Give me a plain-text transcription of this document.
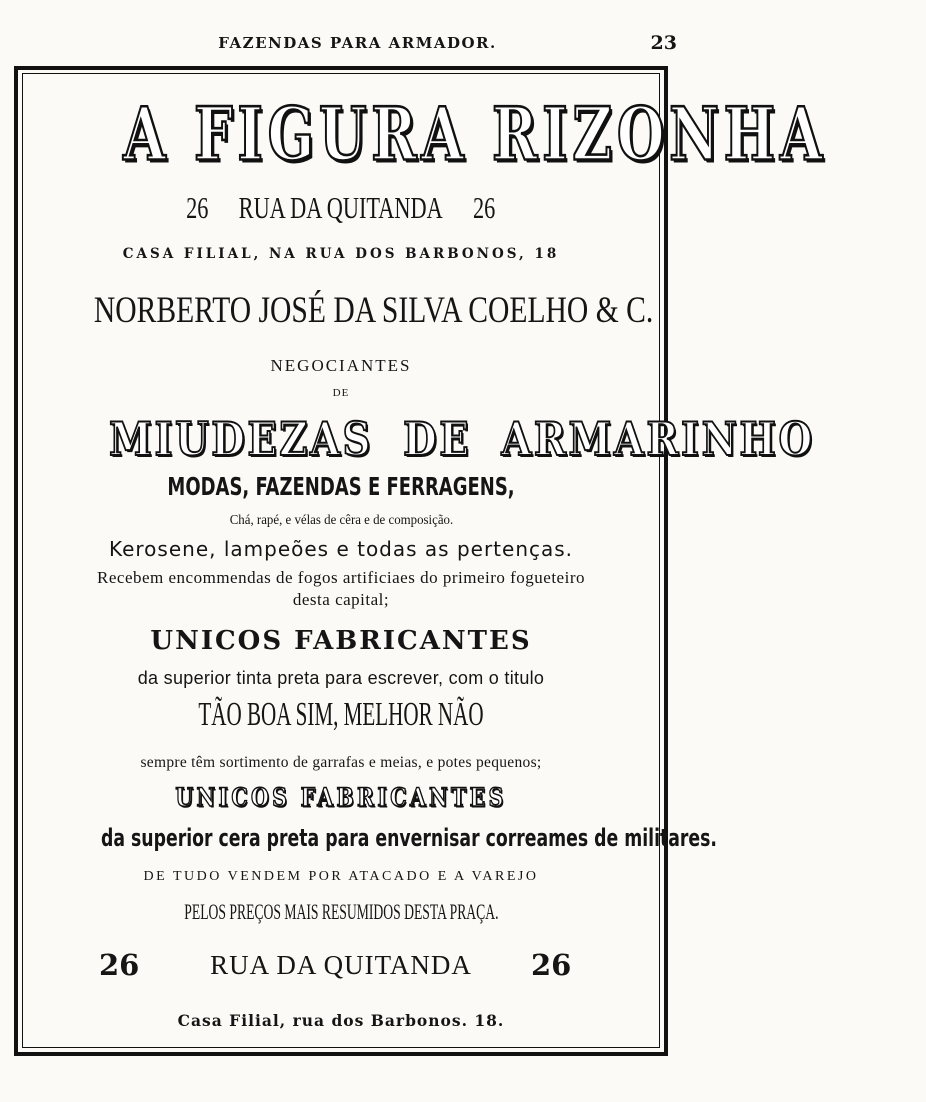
FAZENDAS PARA ARMADOR.	23
A FIGURA RIZONHA
26 RUA DA QUITANDA 26
CASA FILIAL, NA RUA DOS BARBONOS, 18
NORBERTO JOSÉ DA SILVA COELHO & C.
NEGOCIANTES
DE
MIUDEZAS DE ARMARINHO
MODAS, FAZENDAS E FERRAGENS,
Chá, rapé, e vélas de cêra e de composição.
Kerosene, lampeões e todas as pertenças.
Recebem encommendas de fogos artificiaes do primeiro fogueteiro
desta capital;
UNICOS FABRICANTES
da superior tinta preta para escrever, com o titulo
TÃO BOA SIM, MELHOR NÃO
sempre têm sortimento de garrafas e meias, e potes pequenos;
UNICOS FABRICANTES
da superior cera preta para envernisar correames de militares.
DE TUDO VENDEM POR ATACADO E A VAREJO
PELOS PREÇOS MAIS RESUMIDOS DESTA PRAÇA.
26	RUA DA QUITANDA	26
Casa Filial, rua dos Barbonos. 18.
